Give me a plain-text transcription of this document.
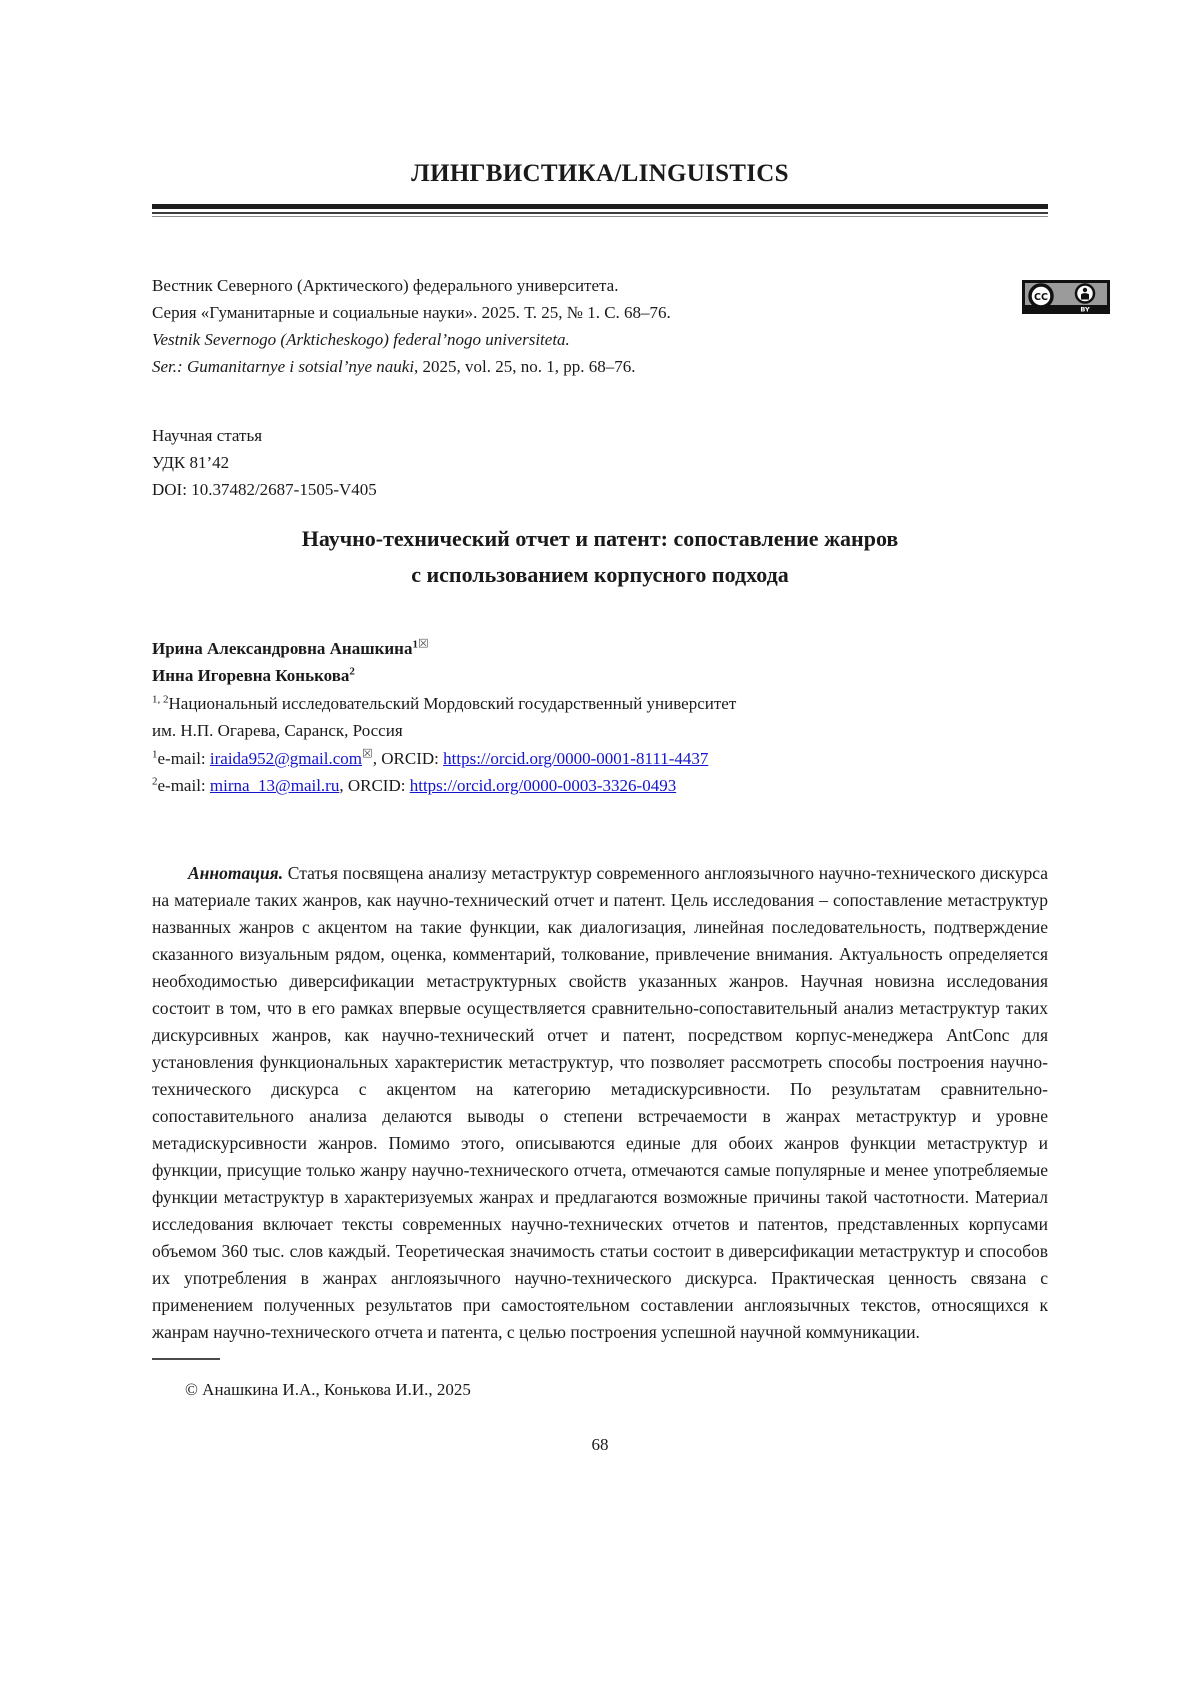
ЛИНГВИСТИКА/LINGUISTICS

Вестник Северного (Арктического) федерального университета.

Серия «Гуманитарные и социальные науки». 2025. Т. 25, № 1. С. 68–76.

Vestnik Severnogo (Arkticheskogo) federal’nogo universiteta.

Ser.: Gumanitarnye i sotsial’nye nauki, 2025, vol. 25, no. 1, pp. 68–76.

CC
BY

Научная статья

УДК 81’42

DOI: 10.37482/2687-1505-V405

Научно-технический отчет и патент: сопоставление жанров
с использованием корпусного подхода

Ирина Александровна Анашкина$^{1☒}$

Инна Игоревна Конькова$^2$

$^{1, 2}$Национальный исследовательский Мордовский государственный университет

им. Н.П. Огарева, Саранск, Россия

$^1$e-mail: iraida952@gmail.com☒, ORCID: https://orcid.org/0000-0001-8111-4437

$^2$e-mail: mirna_13@mail.ru, ORCID: https://orcid.org/0000-0003-3326-0493

Аннотация. Статья посвящена анализу метаструктур современного англоязычного научно-технического дискурса на материале таких жанров, как научно-технический отчет и патент. Цель исследования – сопоставление метаструктур названных жанров с акцентом на такие функции, как диалогизация, линейная последовательность, подтверждение сказанного визуальным рядом, оценка, комментарий, толкование, привлечение внимания. Актуальность определяется необходимостью диверсификации метаструктурных свойств указанных жанров. Научная новизна исследования состоит в том, что в его рамках впервые осуществляется сравнительно-сопоставительный анализ метаструктур таких дискурсивных жанров, как научно-технический отчет и патент, посредством корпус-менеджера AntConc для установления функциональных характеристик метаструктур, что позволяет рассмотреть способы построения научно-технического дискурса с акцентом на категорию метадискурсивности. По результатам сравнительно-сопоставительного анализа делаются выводы о степени встречаемости в жанрах метаструктур и уровне метадискурсивности жанров. Помимо этого, описываются единые для обоих жанров функции метаструктур и функции, присущие только жанру научно-технического отчета, отмечаются самые популярные и менее употребляемые функции метаструктур в характеризуемых жанрах и предлагаются возможные причины такой частотности. Материал исследования включает тексты современных научно-технических отчетов и патентов, представленных корпусами объемом 360 тыс. слов каждый. Теоретическая значимость статьи состоит в диверсификации метаструктур и способов их употребления в жанрах англоязычного научно-технического дискурса. Практическая ценность связана с применением полученных результатов при самостоятельном составлении англоязычных текстов, относящихся к жанрам научно-технического отчета и патента, с целью построения успешной научной коммуникации.

© Анашкина И.А., Конькова И.И., 2025

68
